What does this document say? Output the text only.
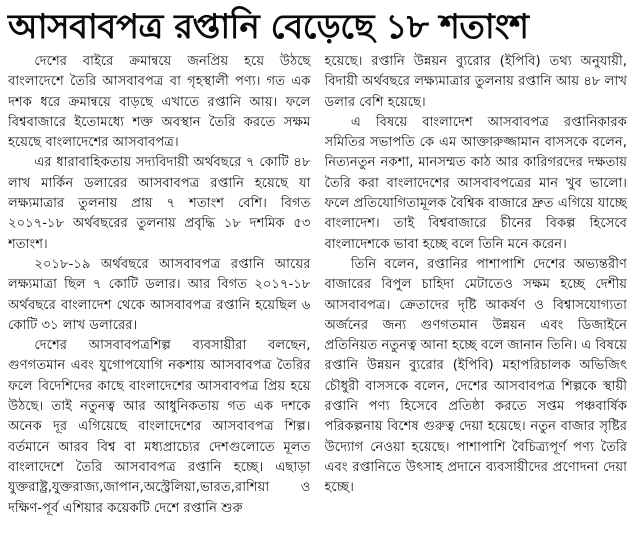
আসবাবপত্র রপ্তানি বেড়েছে ১৮ শতাংশ

দেশের বাইরে ক্রমান্বয়ে জনপ্রিয় হয়ে উঠছে বাংলাদেশে তৈরি আসবাবপত্র বা গৃহস্থালী পণ্য। গত এক দশক ধরে ক্রমান্বয়ে বাড়ছে এখাতে রপ্তানি আয়। ফলে বিশ্ববাজারে ইতোমধ্যে শক্ত অবস্থান তৈরি করতে সক্ষম হয়েছে বাংলাদেশের আসবাবপত্র।

এর ধারাবাহিকতায় সদ্যবিদায়ী অর্থবছরে ৭ কোটি ৪৮ লাখ মার্কিন ডলারের আসবাবপত্র রপ্তানি হয়েছে যা লক্ষ্যমাত্রার তুলনায় প্রায় ৭ শতাংশ বেশি। বিগত ২০১৭-১৮ অর্থবছরের তুলনায় প্রবৃদ্ধি ১৮ দশমিক ৫৩ শতাংশ।

২০১৮-১৯ অর্থবছরে আসবাবপত্র রপ্তানি আয়ের লক্ষ্যমাত্রা ছিল ৭ কোটি ডলার। আর বিগত ২০১৭-১৮ অর্থবছরে বাংলাদেশ থেকে আসবাবপত্র রপ্তানি হয়েছিল ৬ কোটি ৩১ লাখ ডলারের।

দেশের আসবাবপত্রশিল্প ব্যবসায়ীরা বলছেন, গুণগতমান এবং যুগোপযোগি নকশায় আসবাবপত্র তৈরির ফলে বিদেশিদের কাছে বাংলাদেশের আসবাবপত্র প্রিয় হয়ে উঠছে। তাই নতুনত্ব আর আধুনিকতায় গত এক দশকে অনেক দূর এগিয়েছে বাংলাদেশের আসবাবপত্র শিল্প। বর্তমানে আরব বিশ্ব বা মধ্যপ্রাচ্যের দেশগুলোতে মূলত বাংলাদেশে তৈরি আসবাবপত্র রপ্তানি হচ্ছে। এছাড়া যুক্তরাষ্ট্র,যুক্তরাজ্য,জাপান,অস্ট্রেলিয়া,ভারত,রাশিয়া ও দক্ষিণ-পূর্ব এশিয়ার কয়েকটি দেশে রপ্তানি শুরু

হয়েছে। রপ্তানি উন্নয়ন ব্যুরোর (ইপিবি) তথ্য অনুযায়ী, বিদায়ী অর্থবছরে লক্ষ্যমাত্রার তুলনায় রপ্তানি আয় ৪৮ লাখ ডলার বেশি হয়েছে।

এ বিষয়ে বাংলাদেশ আসবাবপত্র রপ্তানিকারক সমিতির সভাপতি কে এম আক্তারুজ্জামান বাসসকে বলেন, নিত্যনতুন নকশা, মানসম্মত কাঠ আর কারিগরদের দক্ষতায় তৈরি করা বাংলাদেশের আসবাবপত্রের মান খুব ভালো। ফলে প্রতিযোগিতামূলক বৈশ্বিক বাজারে দ্রুত এগিয়ে যাচ্ছে বাংলাদেশ। তাই বিশ্ববাজারে চীনের বিকল্প হিসেবে বাংলাদেশকে ভাবা হচ্ছে বলে তিনি মনে করেন।

তিনি বলেন, রপ্তানির পাশাপাশি দেশের অভ্যন্তরীণ বাজারের বিপুল চাহিদা মেটাতেও সক্ষম হচ্ছে দেশীয় আসবাবপত্র। ক্রেতাদের দৃষ্টি আকর্ষণ ও বিশ্বাসযোগ্যতা অর্জনের জন্য গুণগতমান উন্নয়ন এবং ডিজাইনে প্রতিনিয়ত নতুনত্ব আনা হচ্ছে বলে জানান তিনি। এ বিষয়ে রপ্তানি উন্নয়ন ব্যুরোর (ইপিবি) মহাপরিচালক অভিজিৎ চৌধুরী বাসসকে বলেন, দেশের আসবাবপত্র শিল্পকে স্থায়ী রপ্তানি পণ্য হিসেবে প্রতিষ্ঠা করতে সপ্তম পঞ্চবার্ষিক পরিকল্পনায় বিশেষ গুরুত্ব দেয়া হয়েছে। নতুন বাজার সৃষ্টির উদ্যোগ নেওয়া হয়েছে। পাশাপাশি বৈচিত্র্যপূর্ণ পণ্য তৈরি এবং রপ্তানিতে উৎসাহ প্রদানে ব্যবসায়ীদের প্রণোদনা দেয়া হচ্ছে।
